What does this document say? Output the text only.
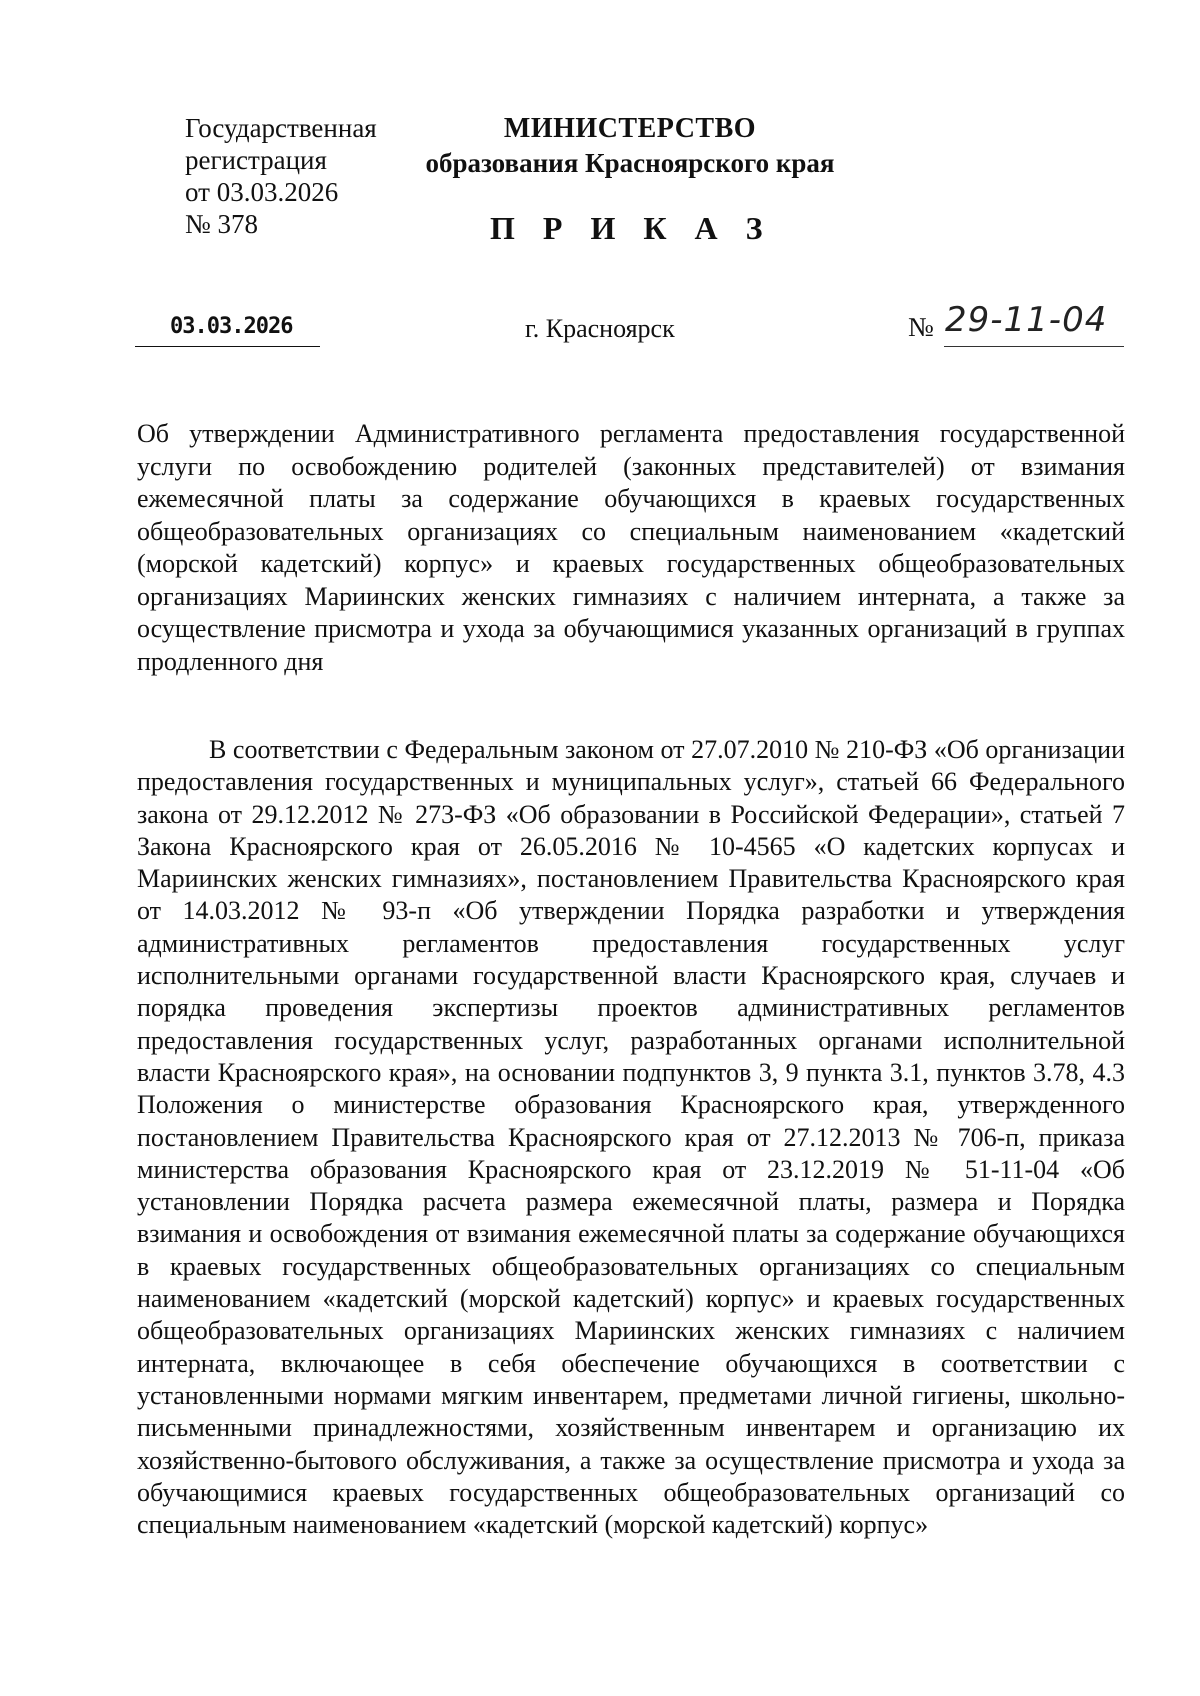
Государственная
регистрация
от 03.03.2026
№ 378
МИНИСТЕРСТВО
образования Красноярского края
П Р И К А З
03.03.2026	г. Красноярск	№ 29-11-04
Об утверждении Административного регламента предоставления государственной услуги по освобождению родителей (законных представителей) от взимания ежемесячной платы за содержание обучающихся в краевых государственных общеобразовательных организациях со специальным наименованием «кадетский (морской кадетский) корпус» и краевых государственных общеобразовательных организациях Мариинских женских гимназиях с наличием интерната, а также за осуществление присмотра и ухода за обучающимися указанных организаций в группах продленного дня

В соответствии с Федеральным законом от 27.07.2010 № 210-ФЗ «Об организации предоставления государственных и муниципальных услуг», статьей 66 Федерального закона от 29.12.2012 № 273-ФЗ «Об образовании в Российской Федерации», статьей 7 Закона Красноярского края от 26.05.2016 № 10-4565 «О кадетских корпусах и Мариинских женских гимназиях», постановлением Правительства Красноярского края от 14.03.2012 № 93-п «Об утверждении Порядка разработки и утверждения административных регламентов предоставления государственных услуг исполнительными органами государственной власти Красноярского края, случаев и порядка проведения экспертизы проектов административных регламентов предоставления государственных услуг, разработанных органами исполнительной власти Красноярского края», на основании подпунктов 3, 9 пункта 3.1, пунктов 3.78, 4.3 Положения о министерстве образования Красноярского края, утвержденного постановлением Правительства Красноярского края от 27.12.2013 № 706-п, приказа министерства образования Красноярского края от 23.12.2019 № 51-11-04 «Об установлении Порядка расчета размера ежемесячной платы, размера и Порядка взимания и освобождения от взимания ежемесячной платы за содержание обучающихся в краевых государственных общеобразовательных организациях со специальным наименованием «кадетский (морской кадетский) корпус» и краевых государственных общеобразовательных организациях Мариинских женских гимназиях с наличием интерната, включающее в себя обеспечение обучающихся в соответствии с установленными нормами мягким инвентарем, предметами личной гигиены, школьно-письменными принадлежностями, хозяйственным инвентарем и организацию их хозяйственно-бытового обслуживания, а также за осуществление присмотра и ухода за обучающимися краевых государственных общеобразовательных организаций со специальным наименованием «кадетский (морской кадетский) корпус»
